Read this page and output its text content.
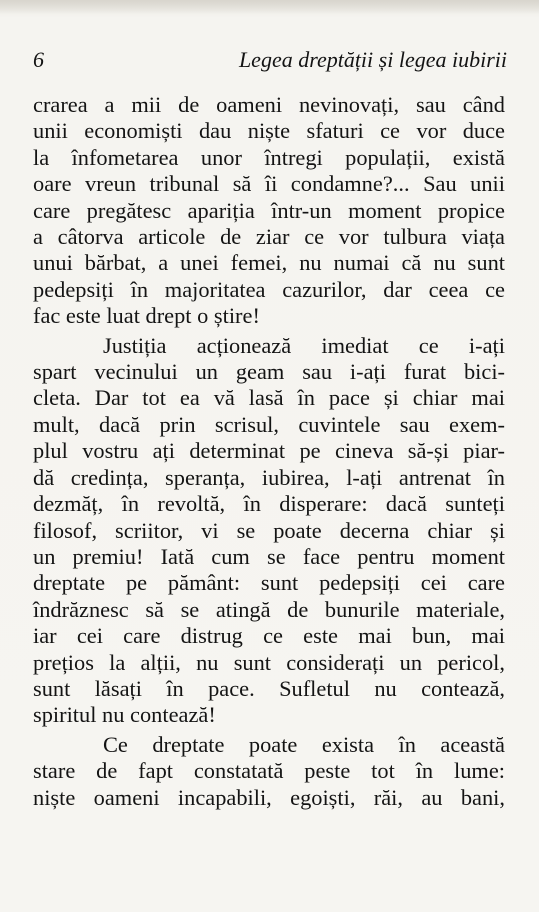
6	Legea dreptății și legea iubirii

crarea a mii de oameni nevinovați, sau când
unii economiști dau niște sfaturi ce vor duce
la înfometarea unor întregi populații, există
oare vreun tribunal să îi condamne?... Sau unii
care pregătesc apariția într-un moment propice
a câtorva articole de ziar ce vor tulbura viața
unui bărbat, a unei femei, nu numai că nu sunt
pedepsiți în majoritatea cazurilor, dar ceea ce
fac este luat drept o știre!

Justiția acționează imediat ce i-ați
spart vecinului un geam sau i-ați furat bici-
cleta. Dar tot ea vă lasă în pace și chiar mai
mult, dacă prin scrisul, cuvintele sau exem-
plul vostru ați determinat pe cineva să-și piar-
dă credința, speranța, iubirea, l-ați antrenat în
dezmăț, în revoltă, în disperare: dacă sunteți
filosof, scriitor, vi se poate decerna chiar și
un premiu! Iată cum se face pentru moment
dreptate pe pământ: sunt pedepsiți cei care
îndrăznesc să se atingă de bunurile materiale,
iar cei care distrug ce este mai bun, mai
prețios la alții, nu sunt considerați un pericol,
sunt lăsați în pace. Sufletul nu contează,
spiritul nu contează!

Ce dreptate poate exista în această
stare de fapt constatată peste tot în lume:
niște oameni incapabili, egoiști, răi, au bani,
